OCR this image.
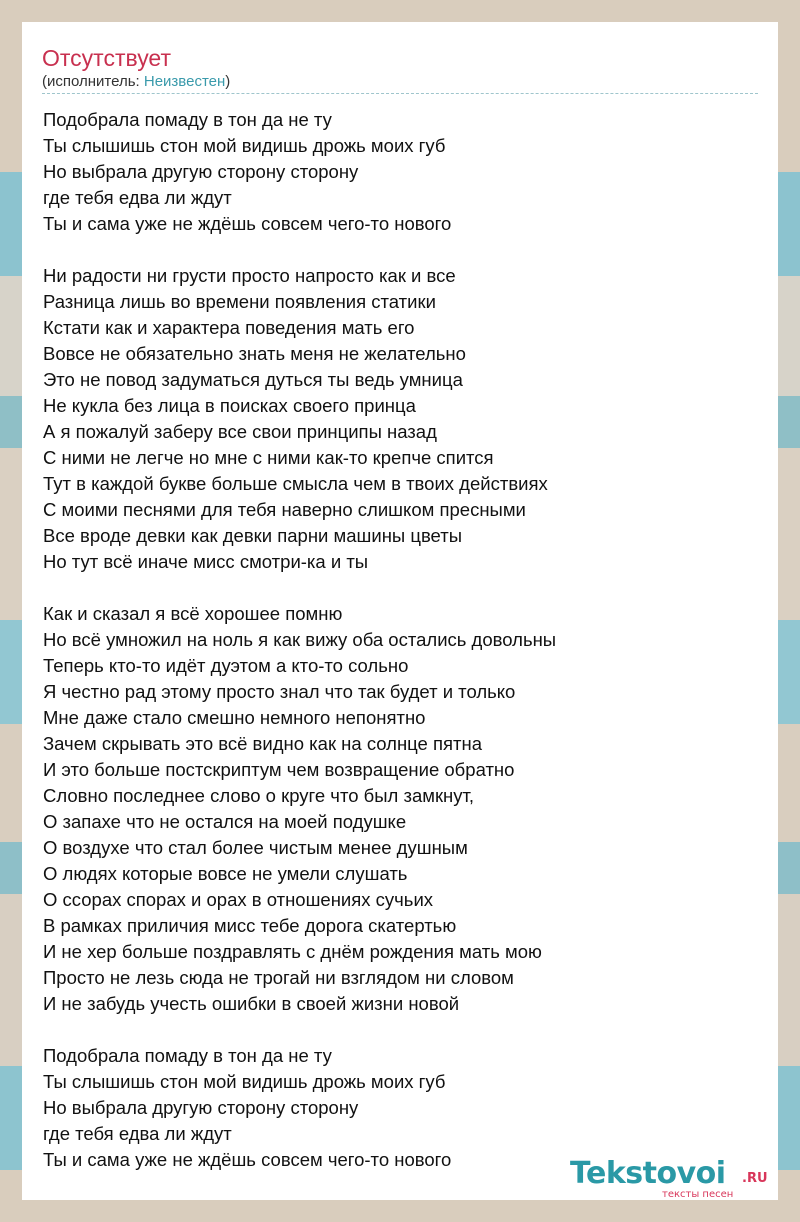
Отсутствует
(исполнитель: Неизвестен)
Подобрала помаду в тон да не ту
Ты слышишь стон мой видишь дрожь моих губ
Но выбрала другую сторону сторону
где тебя едва ли ждут
Ты и сама уже не ждёшь совсем чего-то нового
Ни радости ни грусти просто напросто как и все
Разница лишь во времени появления статики
Кстати как и характера поведения мать его
Вовсе не обязательно знать меня не желательно
Это не повод задуматься дуться ты ведь умница
Не кукла без лица в поисках своего принца
А я пожалуй заберу все свои принципы назад
С ними не легче но мне с ними как-то крепче спится
Тут в каждой букве больше смысла чем в твоих действиях
С моими песнями для тебя наверно слишком пресными
Все вроде девки как девки парни машины цветы
Но тут всё иначе мисс смотри-ка и ты
Как и сказал я всё хорошее помню
Но всё умножил на ноль я как вижу оба остались довольны
Теперь кто-то идёт дуэтом а кто-то сольно
Я честно рад этому просто знал что так будет и только
Мне даже стало смешно немного непонятно
Зачем скрывать это всё видно как на солнце пятна
И это больше постскриптум чем возвращение обратно
Словно последнее слово о круге что был замкнут,
О запахе что не остался на моей подушке
О воздухе что стал более чистым менее душным
О людях которые вовсе не умели слушать
О ссорах спорах и орах в отношениях сучьих
В рамках приличия мисс тебе дорога скатертью
И не хер больше поздравлять с днём рождения мать мою
Просто не лезь сюда не трогай ни взглядом ни словом
И не забудь учесть ошибки в своей жизни новой
Подобрала помаду в тон да не ту
Ты слышишь стон мой видишь дрожь моих губ
Но выбрала другую сторону сторону
где тебя едва ли ждут
Ты и сама уже не ждёшь совсем чего-то нового	Tekstovoi .RU
тексты песен
